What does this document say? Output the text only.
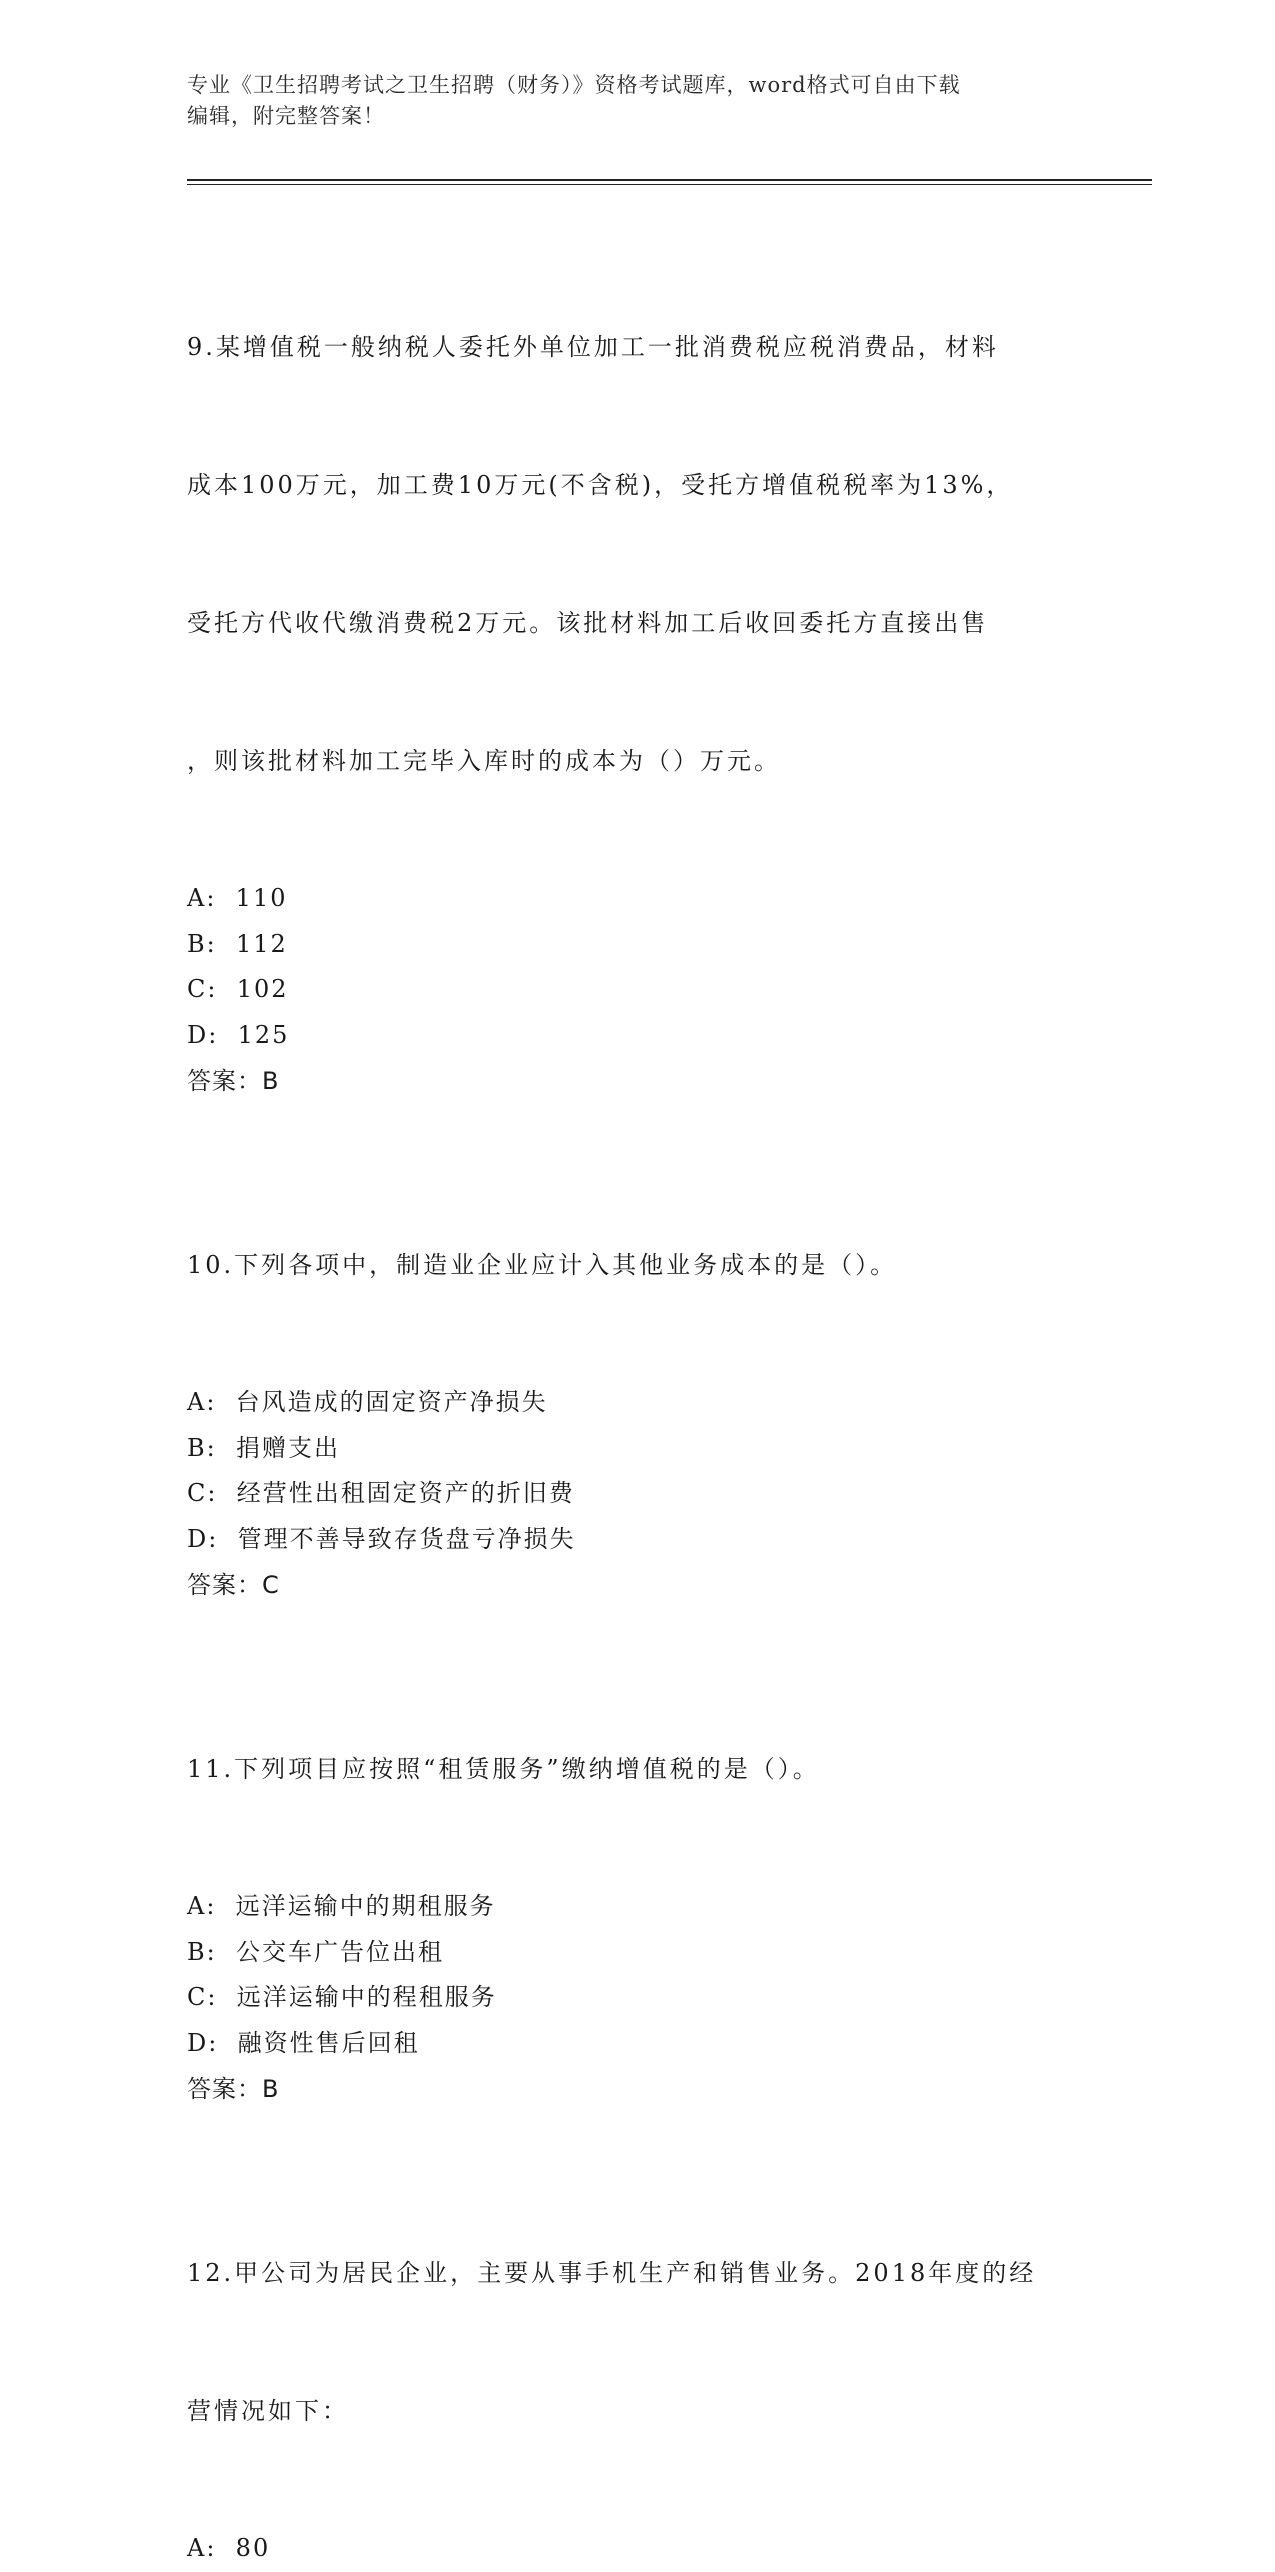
专业《卫生招聘考试之卫生招聘（财务）》资格考试题库，word格式可自由下载
编辑，附完整答案！

9.某增值税一般纳税人委托外单位加工一批消费税应税消费品，材料

成本100万元，加工费10万元(不含税)，受托方增值税税率为13%，

受托方代收代缴消费税2万元。该批材料加工后收回委托方直接出售

，则该批材料加工完毕入库时的成本为（）万元。

A:  110
B:  112
C:  102
D:  125
答案：B

10.下列各项中，制造业企业应计入其他业务成本的是（）。

A:  台风造成的固定资产净损失
B:  捐赠支出
C:  经营性出租固定资产的折旧费
D:  管理不善导致存货盘亏净损失
答案：C

11.下列项目应按照“租赁服务”缴纳增值税的是（）。

A:  远洋运输中的期租服务
B:  公交车广告位出租
C:  远洋运输中的程租服务
D:  融资性售后回租
答案：B

12.甲公司为居民企业，主要从事手机生产和销售业务。2018年度的经

营情况如下：

A:  80
